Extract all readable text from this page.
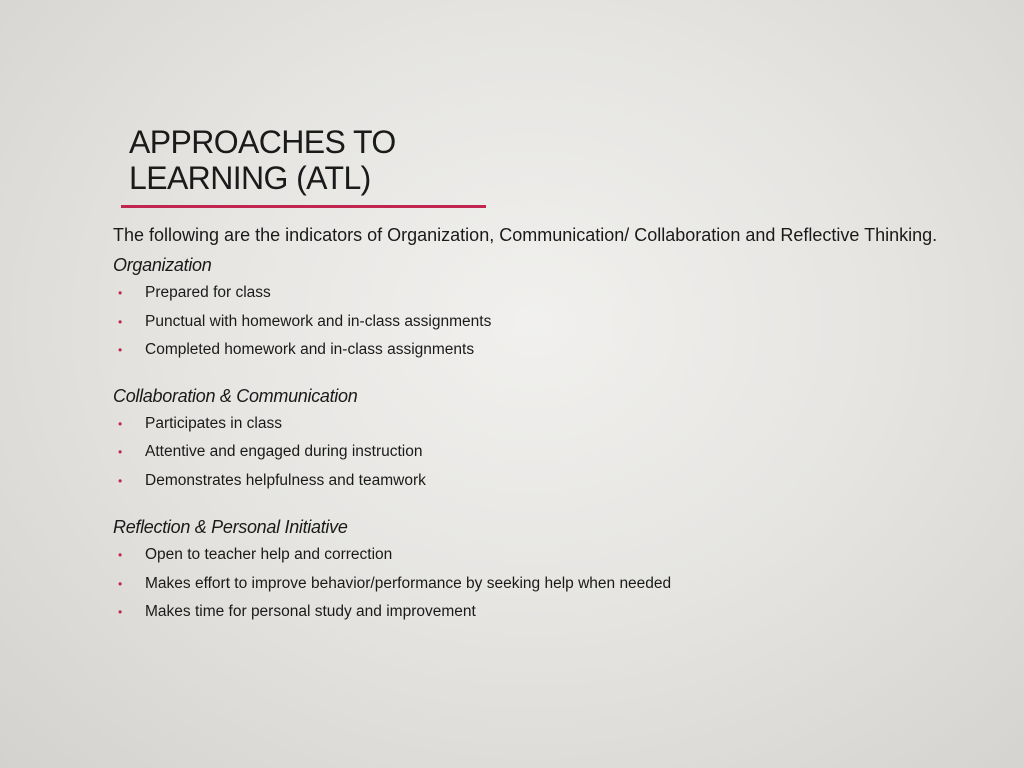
APPROACHES TO
LEARNING (ATL)

The following are the indicators of Organization, Communication/ Collaboration and Reflective Thinking.

Organization

• Prepared for class
• Punctual with homework and in-class assignments
• Completed homework and in-class assignments

Collaboration & Communication

• Participates in class
• Attentive and engaged during instruction
• Demonstrates helpfulness and teamwork

Reflection & Personal Initiative

• Open to teacher help and correction
• Makes effort to improve behavior/performance by seeking help when needed
• Makes time for personal study and improvement
